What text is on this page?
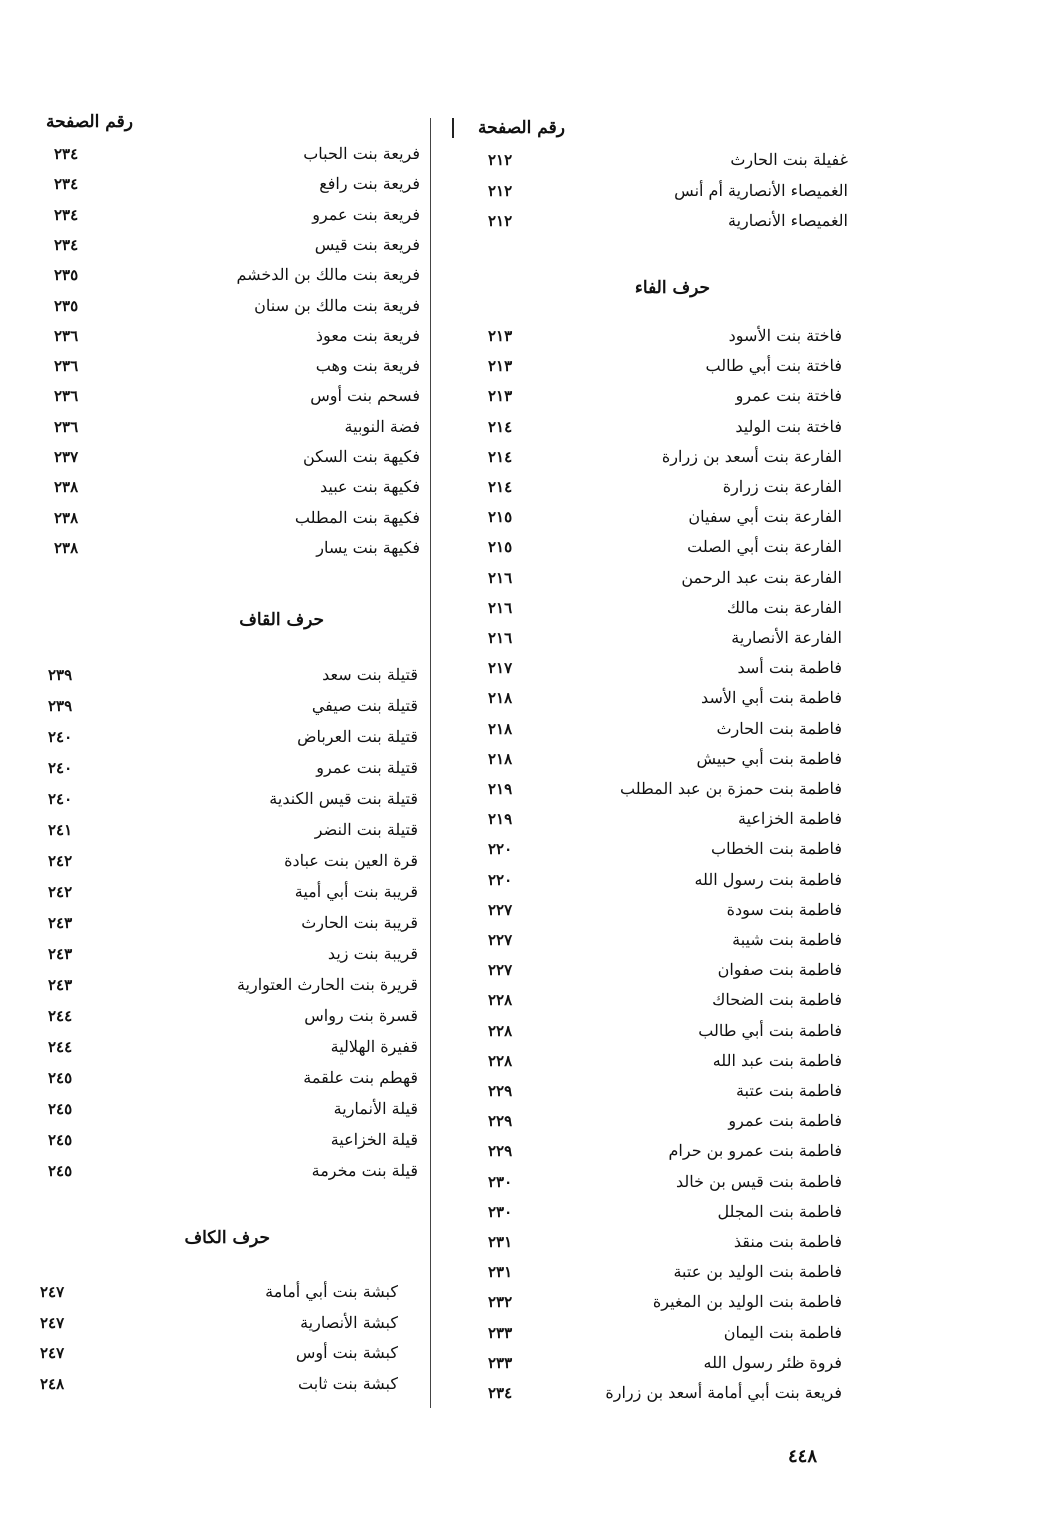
رقم الصفحة
غفيلة بنت الحارث
٢١٢
الغميصاء الأنصارية أم أنس
٢١٢
الغميصاء الأنصارية
٢١٢
حرف الفاء
فاختة بنت الأسود
٢١٣
فاختة بنت أبي طالب
٢١٣
فاختة بنت عمرو
٢١٣
فاختة بنت الوليد
٢١٤
الفارعة بنت أسعد بن زرارة
٢١٤
الفارعة بنت زرارة
٢١٤
الفارعة بنت أبي سفيان
٢١٥
الفارعة بنت أبي الصلت
٢١٥
الفارعة بنت عبد الرحمن
٢١٦
الفارعة بنت مالك
٢١٦
الفارعة الأنصارية
٢١٦
فاطمة بنت أسد
٢١٧
فاطمة بنت أبي الأسد
٢١٨
فاطمة بنت الحارث
٢١٨
فاطمة بنت أبي حبيش
٢١٨
فاطمة بنت حمزة بن عبد المطلب
٢١٩
فاطمة الخزاعية
٢١٩
فاطمة بنت الخطاب
٢٢٠
فاطمة بنت رسول الله
٢٢٠
فاطمة بنت سودة
٢٢٧
فاطمة بنت شيبة
٢٢٧
فاطمة بنت صفوان
٢٢٧
فاطمة بنت الضحاك
٢٢٨
فاطمة بنت أبي طالب
٢٢٨
فاطمة بنت عبد الله
٢٢٨
فاطمة بنت عتبة
٢٢٩
فاطمة بنت عمرو
٢٢٩
فاطمة بنت عمرو بن حرام
٢٢٩
فاطمة بنت قيس بن خالد
٢٣٠
فاطمة بنت المجلل
٢٣٠
فاطمة بنت منقذ
٢٣١
فاطمة بنت الوليد بن عتبة
٢٣١
فاطمة بنت الوليد بن المغيرة
٢٣٢
فاطمة بنت اليمان
٢٣٣
فروة ظئر رسول الله
٢٣٣
فريعة بنت أبي أمامة أسعد بن زرارة
٢٣٤
رقم الصفحة
فريعة بنت الحباب
٢٣٤
فريعة بنت رافع
٢٣٤
فريعة بنت عمرو
٢٣٤
فريعة بنت قيس
٢٣٤
فريعة بنت مالك بن الدخشم
٢٣٥
فريعة بنت مالك بن سنان
٢٣٥
فريعة بنت معوذ
٢٣٦
فريعة بنت وهب
٢٣٦
فسحم بنت أوس
٢٣٦
فضة النوبية
٢٣٦
فكيهة بنت السكن
٢٣٧
فكيهة بنت عبيد
٢٣٨
فكيهة بنت المطلب
٢٣٨
فكيهة بنت يسار
٢٣٨
حرف القاف
قتيلة بنت سعد
٢٣٩
قتيلة بنت صيفي
٢٣٩
قتيلة بنت العرباض
٢٤٠
قتيلة بنت عمرو
٢٤٠
قتيلة بنت قيس الكندية
٢٤٠
قتيلة بنت النضر
٢٤١
قرة العين بنت عبادة
٢٤٢
قريبة بنت أبي أمية
٢٤٢
قريبة بنت الحارث
٢٤٣
قريبة بنت زيد
٢٤٣
قريرة بنت الحارث العتوارية
٢٤٣
قسرة بنت رواس
٢٤٤
قفيرة الهلالية
٢٤٤
قهطم بنت علقمة
٢٤٥
قيلة الأنمارية
٢٤٥
قيلة الخزاعية
٢٤٥
قيلة بنت مخرمة
٢٤٥
حرف الكاف
كبشة بنت أبي أمامة
٢٤٧
كبشة الأنصارية
٢٤٧
كبشة بنت أوس
٢٤٧
كبشة بنت ثابت
٢٤٨
٤٤٨
